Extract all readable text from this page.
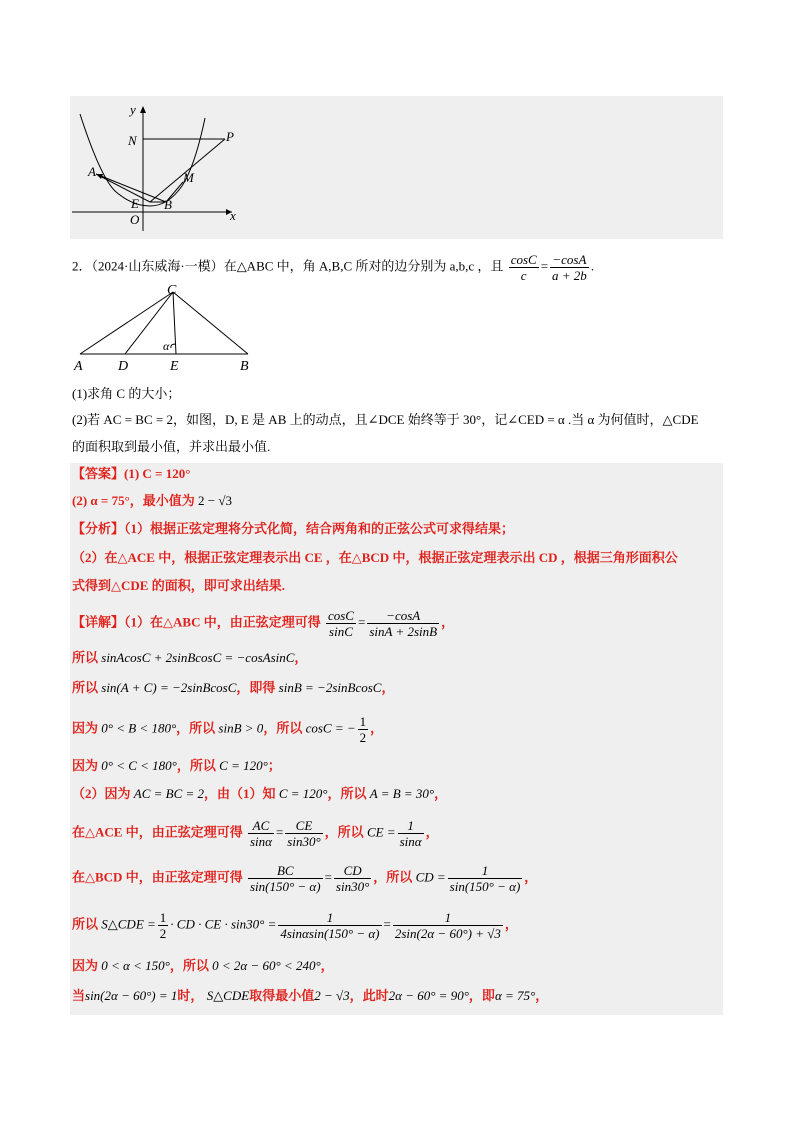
y
N	P
A	M
E B
O	x
2．（2024·山东威海·一模）在△ABC 中，角 A,B,C 所对的边分别为 a,b,c ，且 $\frac{\cos C}{c} = \frac{-\cos A}{a + 2b}$ .
C
A	D
α
E	B
(1)求角 C 的大小；
(2)若 AC = BC = 2，如图，D, E 是 AB 上的动点，且∠DCE 始终等于 30°，记∠CED = α .当 α 为何值时，△CDE
的面积取到最小值，并求出最小值.
【答案】(1) C = 120°
(2) α = 75°，最小值为 2 − √3
【分析】（1）根据正弦定理将分式化简，结合两角和的正弦公式可求得结果；
（2）在△ACE 中，根据正弦定理表示出 CE ，在△BCD 中，根据正弦定理表示出 CD ，根据三角形面积公
式得到△CDE 的面积，即可求出结果.
【详解】（1）在△ABC 中，由正弦定理可得 $\frac{\cos C}{\sin C} = \frac{-\cos A}{\sin A + 2\sin B}$ ，
所以 sinAcosC + 2sinBcosC = −cosAsinC，
所以 sin(A + C) = −2sinBcosC，即得 sinB = −2sinBcosC，
因为 0° < B < 180°，所以 sinB > 0，所以 cosC = − $\frac{1}{2}$ ，
因为 0° < C < 180°，所以 C = 120°；
（2）因为 AC = BC = 2，由（1）知 C = 120°，所以 A = B = 30°，
在△ACE 中，由正弦定理可得 $\frac{AC}{\sin\alpha} = \frac{CE}{\sin 30^\circ}$ ，所以 CE = $\frac{1}{\sin\alpha}$ ，
在△BCD 中，由正弦定理可得 $\frac{BC}{\sin(150^\circ - \alpha)} = \frac{CD}{\sin 30^\circ}$ ，所以 CD = $\frac{1}{\sin(150^\circ - \alpha)}$ ，
所以 S△CDE = $\frac{1}{2}$ · CD · CE · $\sin 30^\circ = \frac{1}{4\sin\alpha\sin(150^\circ - \alpha)} = \frac{1}{2\sin(2\alpha - 60^\circ) + √3}$ ，
因为 0 < α < 150°，所以 0 < 2α − 60° < 240°，
当sin(2α − 60°) = 1时， S△CDE取得最小值2 − √3，此时2α − 60° = 90°，即α = 75°，
